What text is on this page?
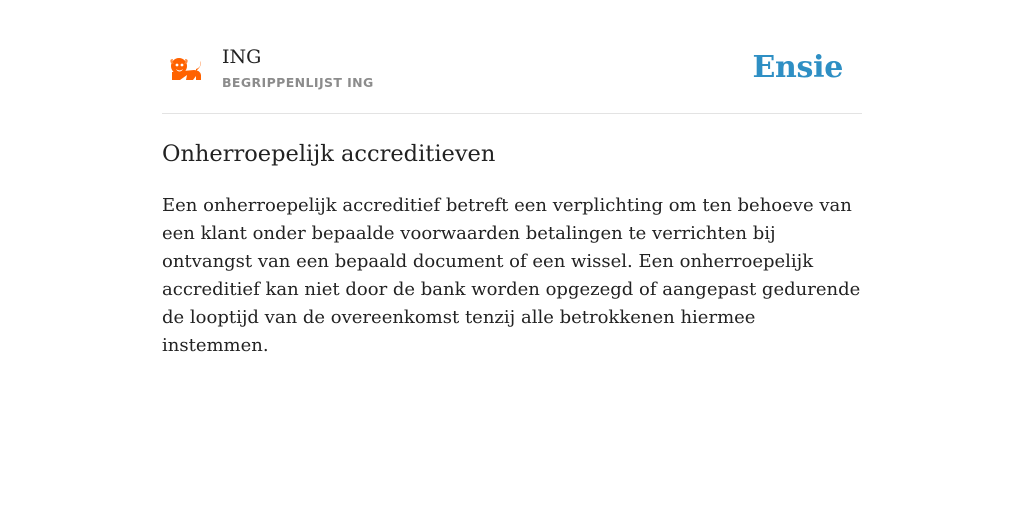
ING
BEGRIPPENLIJST ING	Ensie
Onherroepelijk accreditieven

Een onherroepelijk accreditief betreft een verplichting om ten behoeve van een klant onder bepaalde voorwaarden betalingen te verrichten bij ontvangst van een bepaald document of een wissel. Een onherroepelijk accreditief kan niet door de bank worden opgezegd of aangepast gedurende de looptijd van de overeenkomst tenzij alle betrokkenen hiermee instemmen.
